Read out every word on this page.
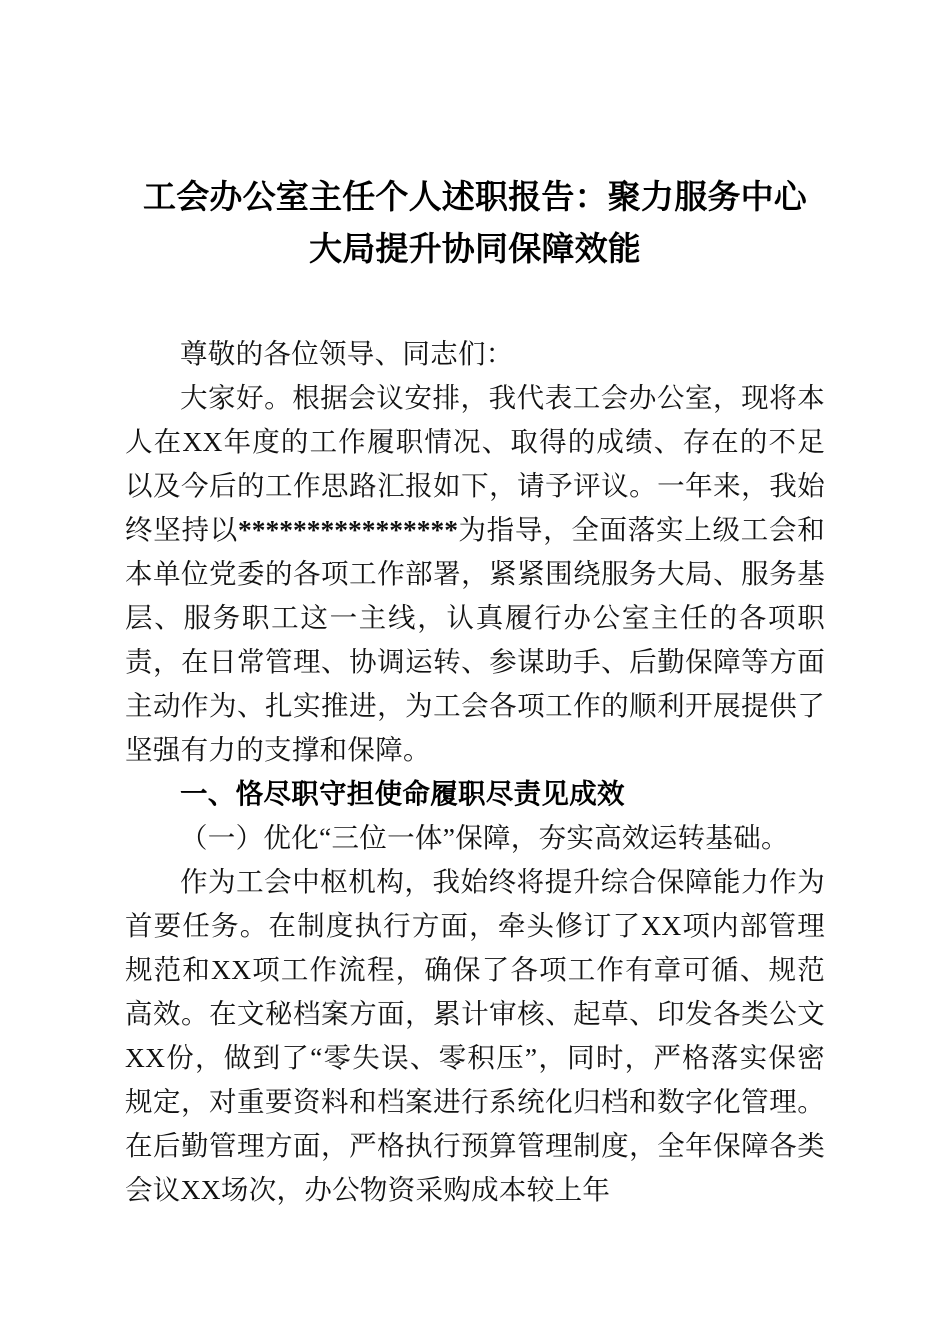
工会办公室主任个人述职报告：聚力服务中心
大局提升协同保障效能

尊敬的各位领导、同志们：

大家好。根据会议安排，我代表工会办公室，现将本人在XX年度的工作履职情况、取得的成绩、存在的不足以及今后的工作思路汇报如下，请予评议。一年来，我始终坚持以****************为指导，全面落实上级工会和本单位党委的各项工作部署，紧紧围绕服务大局、服务基层、服务职工这一主线，认真履行办公室主任的各项职责，在日常管理、协调运转、参谋助手、后勤保障等方面主动作为、扎实推进，为工会各项工作的顺利开展提供了坚强有力的支撑和保障。

一、恪尽职守担使命履职尽责见成效
（一）优化“三位一体”保障，夯实高效运转基础。

作为工会中枢机构，我始终将提升综合保障能力作为首要任务。在制度执行方面，牵头修订了XX项内部管理规范和XX项工作流程，确保了各项工作有章可循、规范高效。在文秘档案方面，累计审核、起草、印发各类公文XX份，做到了“零失误、零积压”，同时，严格落实保密规定，对重要资料和档案进行系统化归档和数字化管理。在后勤管理方面，严格执行预算管理制度，全年保障各类会议XX场次，办公物资采购成本较上年
